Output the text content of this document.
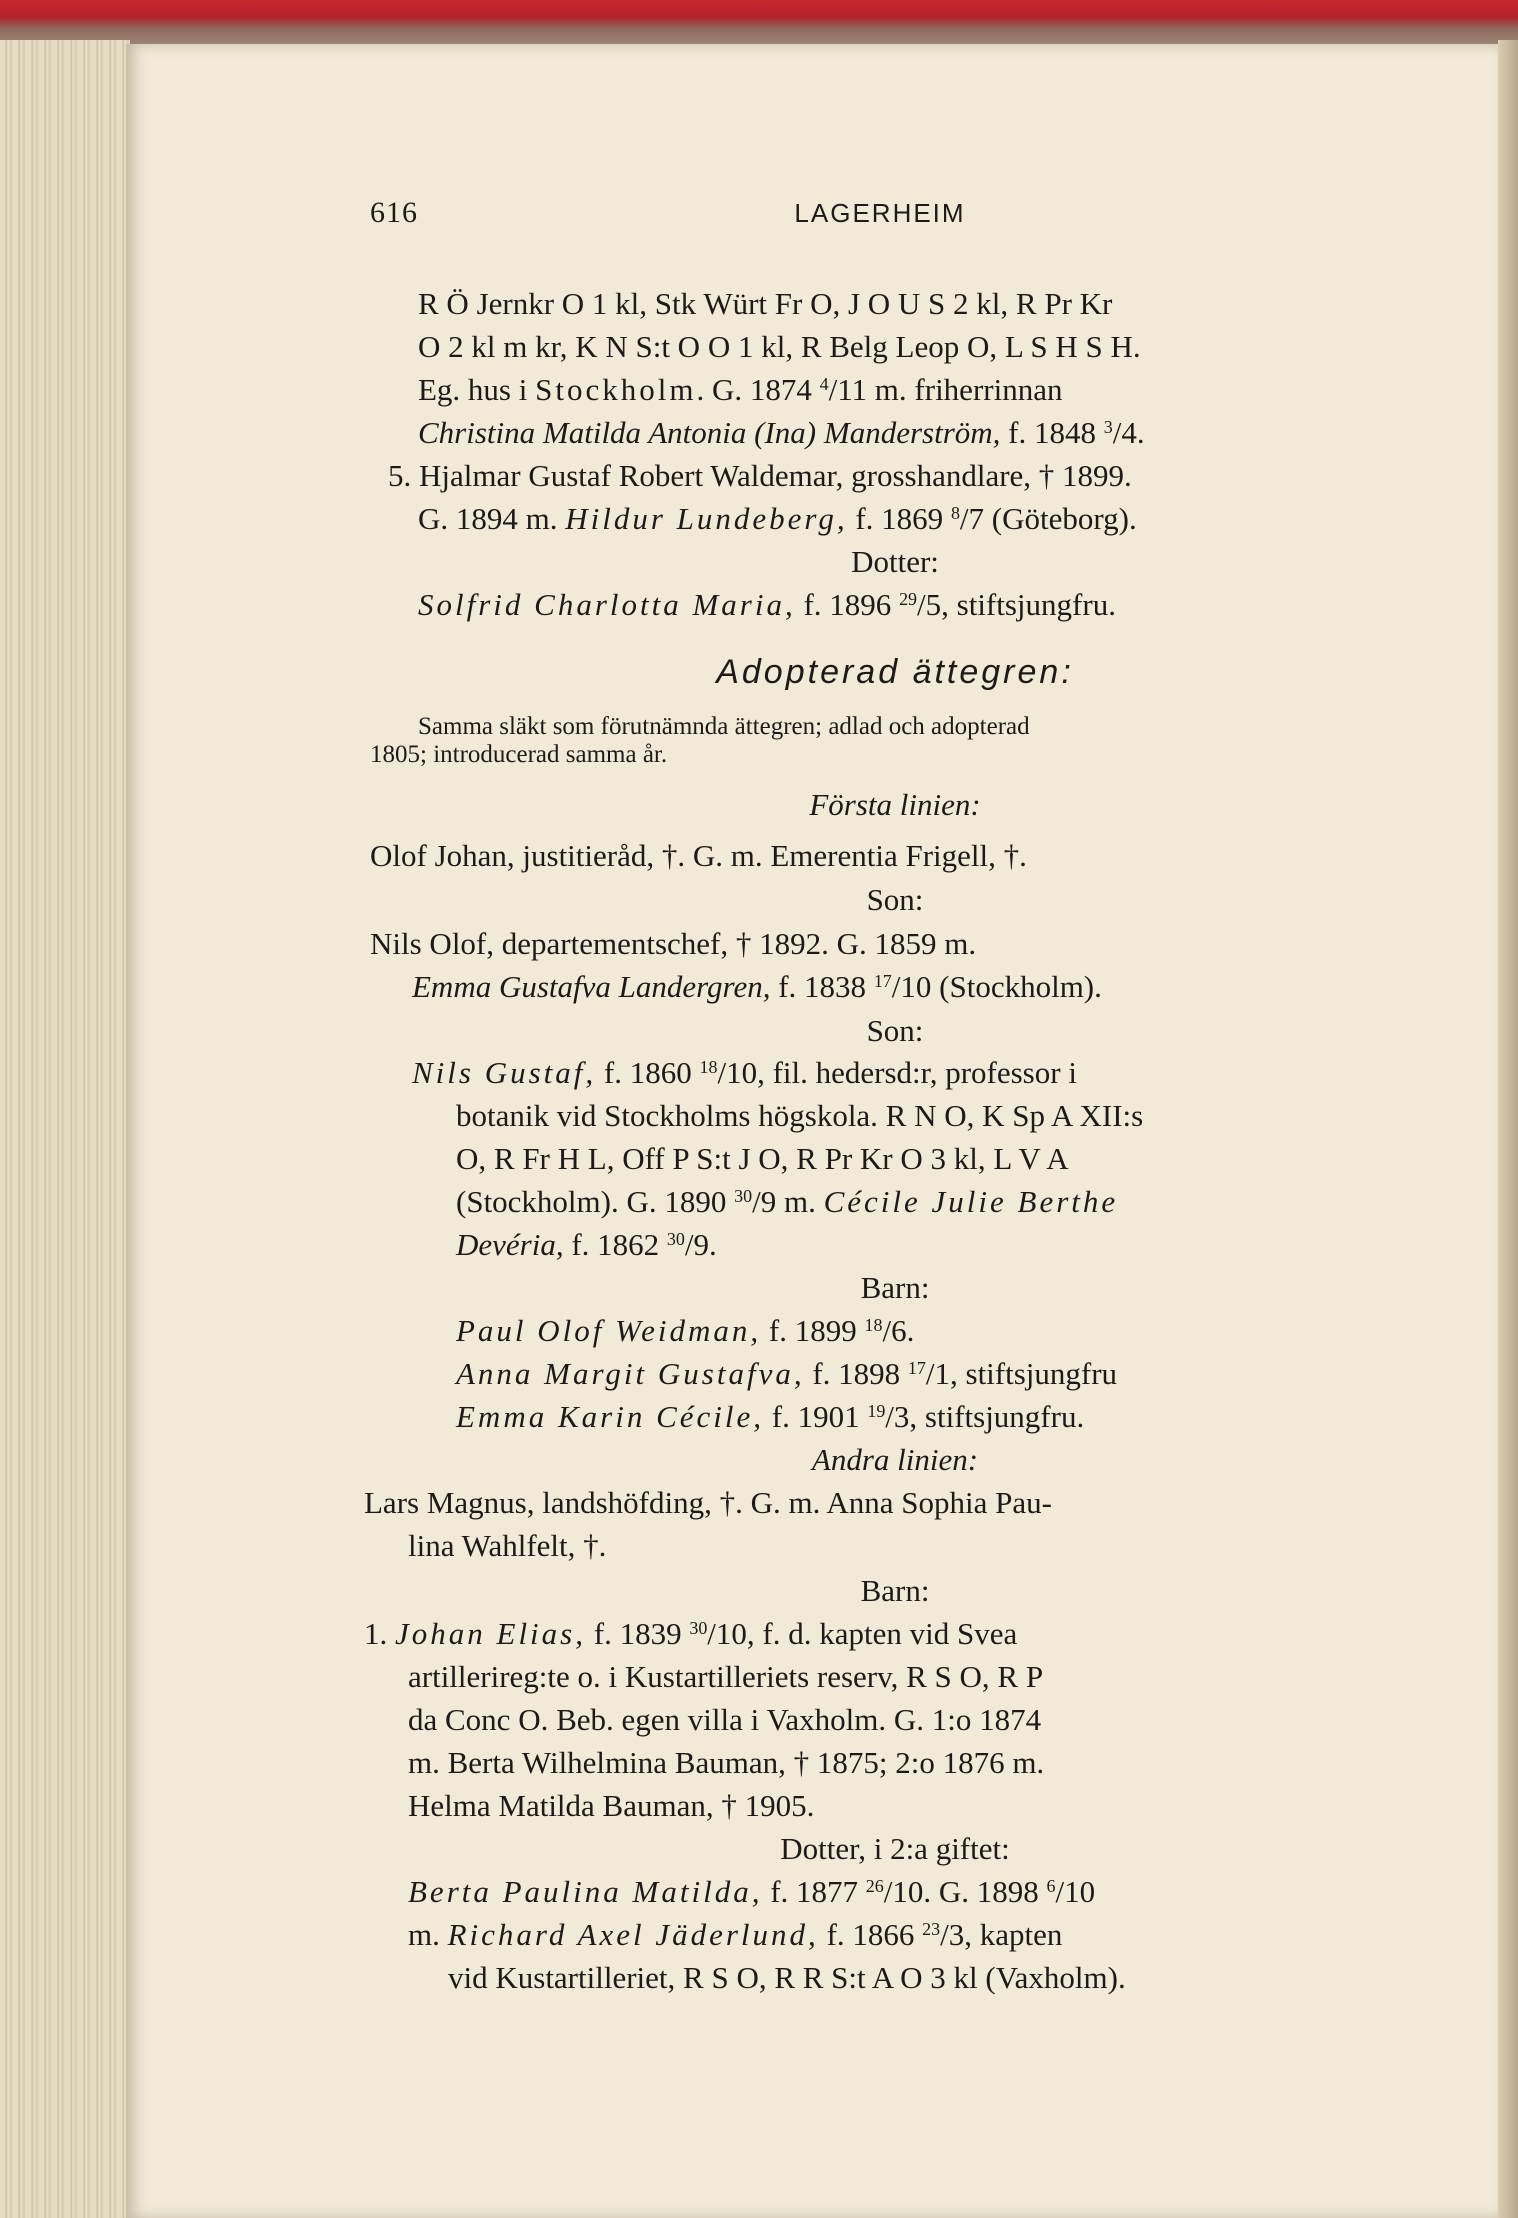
616	LAGERHEIM
R Ö Jernkr O 1 kl, Stk Würt Fr O, J O U S 2 kl, R Pr Kr
O 2 kl m kr, K N S:t O O 1 kl, R Belg Leop O, L S H S H.
Eg. hus i Stockholm. G. 1874 $^4$/11 m. friherrinnan
Christina Matilda Antonia (Ina) Manderström, f. 1848 $^3$/4.
5. Hjalmar Gustaf Robert Waldemar, grosshandlare, † 1899.
G. 1894 m. Hildur Lundeberg, f. 1869 $^8$/7 (Göteborg).
Dotter:
Solfrid Charlotta Maria, f. 1896 $^{29}$/5, stiftsjungfru.
Adopterad ättegren:
Samma släkt som förutnämnda ättegren; adlad och adopterad
1805; introducerad samma år.
Första linien:
Olof Johan, justitieråd, †. G. m. Emerentia Frigell, †.
Son:
Nils Olof, departementschef, † 1892. G. 1859 m.
Emma Gustafva Landergren, f. 1838 $^{17}$/10 (Stockholm).
Son:
Nils Gustaf, f. 1860 $^{18}$/10, fil. hedersd:r, professor i
botanik vid Stockholms högskola. R N O, K Sp A XII:s
O, R Fr H L, Off P S:t J O, R Pr Kr O 3 kl, L V A
(Stockholm). G. 1890 $^{30}$/9 m. Cécile Julie Berthe
Devéria, f. 1862 $^{30}$/9.
Barn:
Paul Olof Weidman, f. 1899 $^{18}$/6.
Anna Margit Gustafva, f. 1898 $^{17}$/1, stiftsjungfru
Emma Karin Cécile, f. 1901 $^{19}$/3, stiftsjungfru.
Andra linien:
Lars Magnus, landshöfding, †. G. m. Anna Sophia Pau-
lina Wahlfelt, †.
Barn:
1. Johan Elias, f. 1839 $^{30}$/10, f. d. kapten vid Svea
artillerireg:te o. i Kustartilleriets reserv, R S O, R P
da Conc O. Beb. egen villa i Vaxholm. G. 1:o 1874
m. Berta Wilhelmina Bauman, † 1875; 2:o 1876 m.
Helma Matilda Bauman, † 1905.
Dotter, i 2:a giftet:
Berta Paulina Matilda, f. 1877 $^{26}$/10. G. 1898 $^6$/10
m. Richard Axel Jäderlund, f. 1866 $^{23}$/3, kapten
vid Kustartilleriet, R S O, R R S:t A O 3 kl (Vaxholm).
